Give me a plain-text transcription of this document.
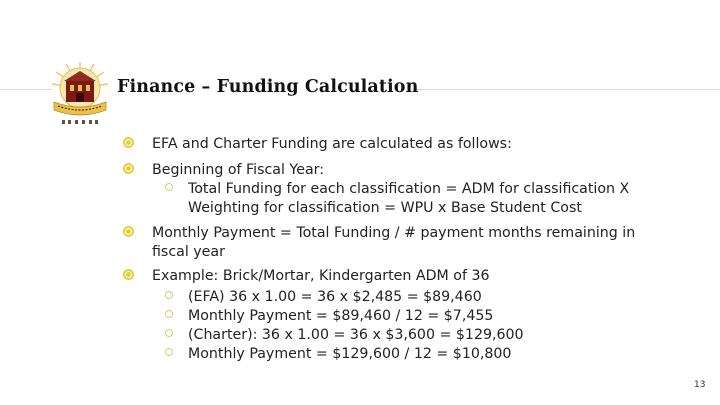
Finance – Funding Calculation
EFA and Charter Funding are calculated as follows:
Beginning of Fiscal Year:
Total Funding for each classification = ADM for classification X
Weighting for classification = WPU x Base Student Cost
Monthly Payment = Total Funding / # payment months remaining in
fiscal year
Example: Brick/Mortar, Kindergarten ADM of 36
(EFA) 36 x 1.00 = 36 x $2,485 = $89,460
Monthly Payment = $89,460 / 12 = $7,455
(Charter): 36 x 1.00 = 36 x $3,600 = $129,600
Monthly Payment = $129,600 / 12 = $10,800
13
